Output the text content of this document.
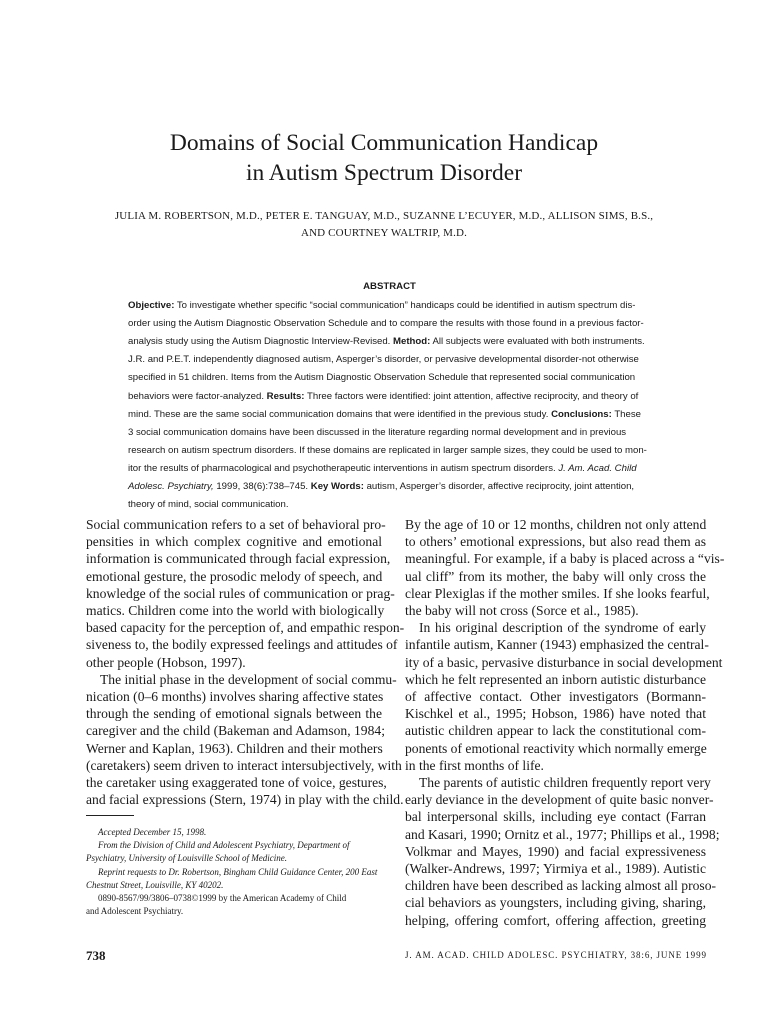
Domains of Social Communication Handicap
in Autism Spectrum Disorder
JULIA M. ROBERTSON, M.D., PETER E. TANGUAY, M.D., SUZANNE L’ECUYER, M.D., ALLISON SIMS, B.S.,
AND COURTNEY WALTRIP, M.D.
ABSTRACT
Objective: To investigate whether specific “social communication” handicaps could be identified in autism spectrum dis-
order using the Autism Diagnostic Observation Schedule and to compare the results with those found in a previous factor-
analysis study using the Autism Diagnostic Interview-Revised. Method: All subjects were evaluated with both instruments.
J.R. and P.E.T. independently diagnosed autism, Asperger’s disorder, or pervasive developmental disorder-not otherwise
specified in 51 children. Items from the Autism Diagnostic Observation Schedule that represented social communication
behaviors were factor-analyzed. Results: Three factors were identified: joint attention, affective reciprocity, and theory of
mind. These are the same social communication domains that were identified in the previous study. Conclusions: These
3 social communication domains have been discussed in the literature regarding normal development and in previous
research on autism spectrum disorders. If these domains are replicated in larger sample sizes, they could be used to mon-
itor the results of pharmacological and psychotherapeutic interventions in autism spectrum disorders. J. Am. Acad. Child
Adolesc. Psychiatry, 1999, 38(6):738–745. Key Words: autism, Asperger’s disorder, affective reciprocity, joint attention,
theory of mind, social communication.
Social communication refers to a set of behavioral pro-
pensities in which complex cognitive and emotional
information is communicated through facial expression,
emotional gesture, the prosodic melody of speech, and
knowledge of the social rules of communication or prag-
matics. Children come into the world with biologically
based capacity for the perception of, and empathic respon-
siveness to, the bodily expressed feelings and attitudes of
other people (Hobson, 1997).
The initial phase in the development of social commu-
nication (0–6 months) involves sharing affective states
through the sending of emotional signals between the
caregiver and the child (Bakeman and Adamson, 1984;
Werner and Kaplan, 1963). Children and their mothers
(caretakers) seem driven to interact intersubjectively, with
the caretaker using exaggerated tone of voice, gestures,
and facial expressions (Stern, 1974) in play with the child.
By the age of 10 or 12 months, children not only attend
to others’ emotional expressions, but also read them as
meaningful. For example, if a baby is placed across a “vis-
ual cliff” from its mother, the baby will only cross the
clear Plexiglas if the mother smiles. If she looks fearful,
the baby will not cross (Sorce et al., 1985).
In his original description of the syndrome of early
infantile autism, Kanner (1943) emphasized the central-
ity of a basic, pervasive disturbance in social development
which he felt represented an inborn autistic disturbance
of affective contact. Other investigators (Bormann-
Kischkel et al., 1995; Hobson, 1986) have noted that
autistic children appear to lack the constitutional com-
ponents of emotional reactivity which normally emerge
in the first months of life.
The parents of autistic children frequently report very
early deviance in the development of quite basic nonver-
bal interpersonal skills, including eye contact (Farran
and Kasari, 1990; Ornitz et al., 1977; Phillips et al., 1998;
Volkmar and Mayes, 1990) and facial expressiveness
(Walker-Andrews, 1997; Yirmiya et al., 1989). Autistic
children have been described as lacking almost all proso-
cial behaviors as youngsters, including giving, sharing,
helping, offering comfort, offering affection, greeting
Accepted December 15, 1998.
From the Division of Child and Adolescent Psychiatry, Department of
Psychiatry, University of Louisville School of Medicine.
Reprint requests to Dr. Robertson, Bingham Child Guidance Center, 200 East
Chestnut Street, Louisville, KY 40202.
0890-8567/99/3806–0738©1999 by the American Academy of Child
and Adolescent Psychiatry.
738	J. AM. ACAD. CHILD ADOLESC. PSYCHIATRY, 38:6, JUNE 1999
